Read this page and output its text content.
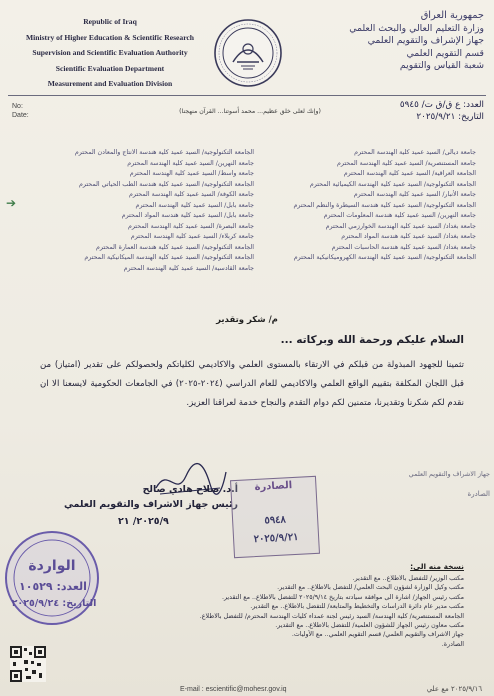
Republic of Iraq
Ministry of Higher Education & Scientific Research
Supervision and Scientific Evaluation Authority
Scientific Evaluation Department
Measurement and Evaluation Division
جمهورية العراق
وزارة التعليم العالي والبحث العلمي
جهاز الإشراف والتقويم العلمي
قسم التقويم العلمي
شعبة القياس والتقويم
No:
Date:
(وإنك لعلى خلق عظيم... محمد أسوتنا... القرآن منهجنا)
العدد: ع ق/ق ت/ ٥٩٤٥
التاريخ: ٢٠٢٥/٩/٢١
جامعة ديالى/ السيد عميد كلية الهندسة المحترم
جامعة المستنصرية/ السيد عميد كلية الهندسة المحترم
الجامعة العراقية/ السيد عميد كلية الهندسة المحترم
الجامعة التكنولوجية/ السيد عميد كلية الهندسة الكيميائية المحترم
جامعة الأنبار/ السيد عميد كلية الهندسة المحترم
الجامعة التكنولوجية/ السيد عميد كلية هندسة السيطرة والنظم المحترم
جامعة النهرين/ السيد عميد كلية هندسة المعلومات المحترم
جامعة بغداد/ السيد عميد كلية الهندسة الخوارزمي المحترم
جامعة بغداد/ السيد عميد كلية هندسة المواد المحترم
جامعة بغداد/ السيد عميد كلية هندسة الحاسبات المحترم
الجامعة التكنولوجية/ السيد عميد كلية الهندسة الكهروميكانيكية المحترم
الجامعة التكنولوجية/ السيد عميد كلية هندسة الانتاج والمعادن المحترم
جامعة النهرين/ السيد عميد كلية الهندسة المحترم
جامعة واسط/ السيد عميد كلية الهندسة المحترم
الجامعة التكنولوجية/ السيد عميد كلية هندسة الطب الحياتي المحترم
جامعة الكوفة/ السيد عميد كلية الهندسة المحترم
جامعة بابل/ السيد عميد كلية الهندسة المحترم
جامعة بابل/ السيد عميد كلية هندسة المواد المحترم
جامعة البصرة/ السيد عميد كلية الهندسة المحترم
جامعة كربلاء/ السيد عميد كلية الهندسة المحترم
الجامعة التكنولوجية/ السيد عميد كلية هندسة العمارة المحترم
الجامعة التكنولوجية/ السيد عميد كلية الهندسة الميكانيكية المحترم
جامعة القادسية/ السيد عميد كلية الهندسة المحترم
➔
م/ شكر وتقدير
السلام عليكم ورحمة الله وبركاته ...
تثمينا للجهود المبذولة من قبلكم في الارتقاء بالمستوى العلمي والاكاديمي لكلياتكم ولحصولكم على تقدير (امتياز) من قبل اللجان المكلفة بتقييم الواقع العلمي والاكاديمي للعام الدراسي (٢٠٢٤-٢٠٢٥) في الجامعات الحكومية لايسعنا الا ان نقدم لكم شكرنا وتقديرنا، متمنين لكم دوام التقدم والنجاح خدمة لعراقنا العزيز.
أ.د. صلاح هادي صالح
رئيس جهاز الاشراف والتقويم العلمي
٢٠٢٥/٩/ ٢١
الصادرة
٥٩٤٨
٢٠٢٥/٩/٢١
جهاز الاشراف والتقويم العلمي
الصادرة
الواردة
العدد: ١٠٥٢٩
التاريخ: ٢٠٢٥/٩/٢٤
نسخة منه الى:
مكتب الوزير/ للتفضل بالاطلاع.. مع التقدير.
مكتب وكيل الوزارة لشؤون البحث العلمي/ للتفضل بالاطلاع.. مع التقدير.
مكتب رئيس الجهاز/ اشارة الى موافقة سيادته بتاريخ ٢٠٢٥/٩/١٤ للتفضل بالاطلاع.. مع التقدير.
مكتب مدير عام دائرة الدراسات والتخطيط والمتابعة/ للتفضل بالاطلاع.. مع التقدير.
الجامعة المستنصرية/ كلية الهندسة/ السيد رئيس لجنة عمداء كليات الهندسة المحترم/ للتفضل بالاطلاع.
مكتب معاون رئيس الجهاز للشؤون العلمية/ للتفضل بالاطلاع.. مع التقدير.
جهاز الاشراف والتقويم العلمي/ قسم التقويم العلمي.. مع الأوليات.
الصادرة.
E-mail : escientific@mohesr.gov.iq	٢٠٢٥/٩/١٦ مع علي
